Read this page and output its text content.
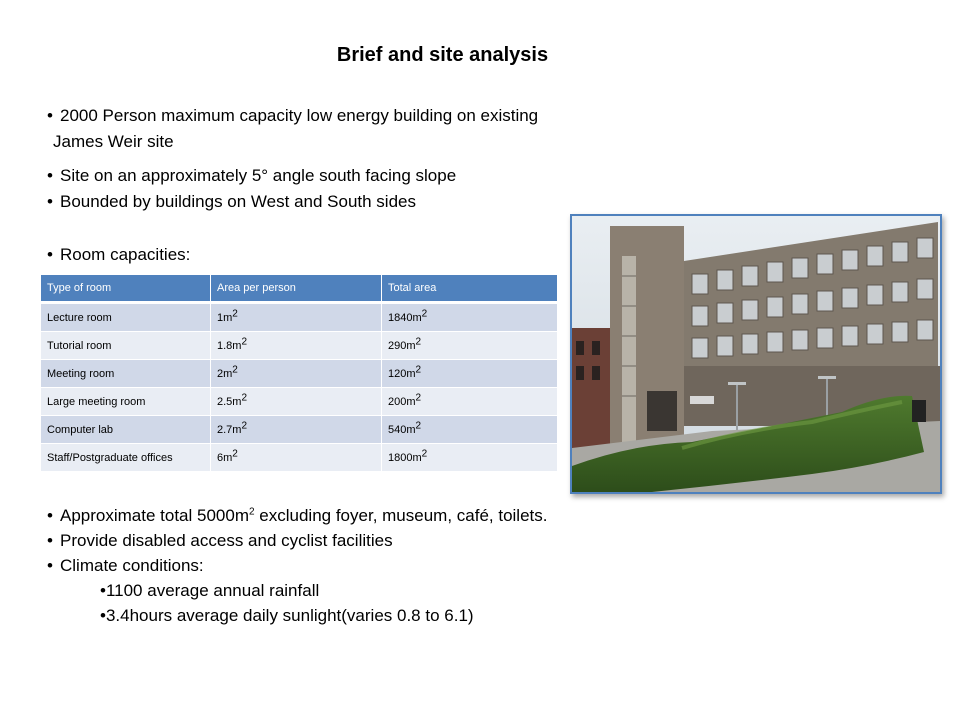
Brief and site analysis
• 2000 Person maximum capacity low energy building on existing
James Weir site
• Site on an approximately 5° angle south facing slope
• Bounded by buildings on West and South sides
• Room capacities:
Type of room	Area per person	Total area
Lecture room	$1m^2$	$1840m^2$
Tutorial room	$1.8m^2$	$290m^2$
Meeting room	$2m^2$	$120m^2$
Large meeting room	$2.5m^2$	$200m^2$
Computer lab	$2.7m^2$	$540m^2$
Staff/Postgraduate offices	$6m^2$	$1800m^2$
• Approximate total $5000m^2$ excluding foyer, museum, café, toilets.
• Provide disabled access and cyclist facilities
• Climate conditions:
•1100 average annual rainfall
•3.4hours average daily sunlight(varies 0.8 to 6.1)
